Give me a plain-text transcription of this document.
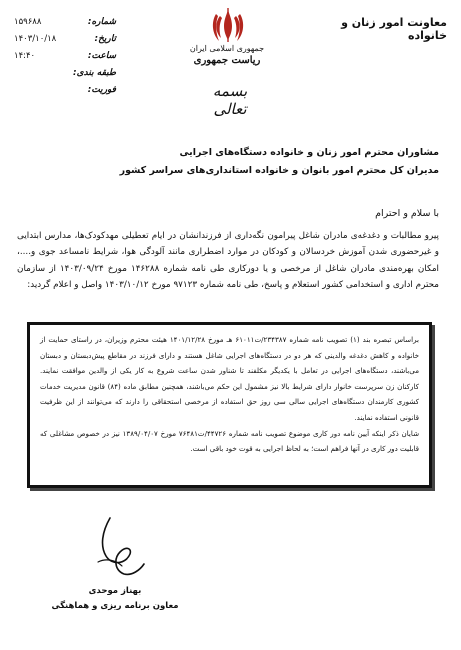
معاونت امور زنان و خانواده
جمهوری اسلامی ایران
ریاست جمهوری
بسمه تعالی
شماره:
۱۵۹۶۸۸
تاریخ:
۱۴۰۳/۱۰/۱۸
ساعت:
۱۴:۴۰
طبقه بندی:
فوریت:
مشاوران محترم امور زنان و خانواده دستگاه‌های اجرایی
مدیران کل محترم امور بانوان و خانواده استانداری‌های سراسر کشور
با سلام و احترام
پیرو مطالبات و دغدغه‌ی مادران شاغل پیرامون نگه‌داری از فرزندانشان در ایام تعطیلی مهدکودک‌ها، مدارس ابتدایی و غیرحضوری شدن آموزش خردسالان و کودکان در موارد اضطراری مانند آلودگی هوا، شرایط نامساعد جوی و....، امکان بهره‌مندی مادران شاغل از مرخصی و یا دورکاری طی نامه شماره ۱۴۶۲۸۸ مورخ ۱۴۰۳/۰۹/۲۴ از سازمان محترم اداری و استخدامی کشور استعلام و پاسخ، طی نامه شماره ۹۷۱۲۳ مورخ ۱۴۰۳/۱۰/۱۲ واصل و اعلام گردید:
براساس تبصره بند (۱) تصویب نامه شماره ۲۳۴۳۸۷/ت۶۱۰۱۱ هـ مورخ ۱۴۰۱/۱۲/۲۸ هیئت محترم وزیران، در راستای حمایت از خانواده و کاهش دغدغه والدینی که هر دو در دستگاه‌های اجرایی شاغل هستند و دارای فرزند در مقاطع پیش‌دبستان و دبستان می‌باشند، دستگاه‌های اجرایی در تعامل با یکدیگر مکلفند تا شناور شدن ساعت شروع به کار یکی از والدین موافقت نمایند. کارکنان زن سرپرست خانوار دارای شرایط بالا نیز مشمول این حکم می‌باشند، همچنین مطابق ماده (۸۴) قانون مدیریت خدمات کشوری کارمندان دستگاه‌های اجرایی سالی سی روز حق استفاده از مرخصی استحقاقی را دارند که می‌توانند از این ظرفیت قانونی استفاده نمایند.
شایان ذکر اینکه آیین نامه دور کاری موضوع تصویب نامه شماره ۴۴۷۲۶/ت۷۶۴۸۱ مورخ ۱۳۸۹/۰۴/۰۷ نیز در خصوص مشاغلی که قابلیت دور کاری در آنها فراهم است؛ به لحاظ اجرایی به قوت خود باقی است.
بهناز موحدی
معاون برنامه ریزی و هماهنگی
